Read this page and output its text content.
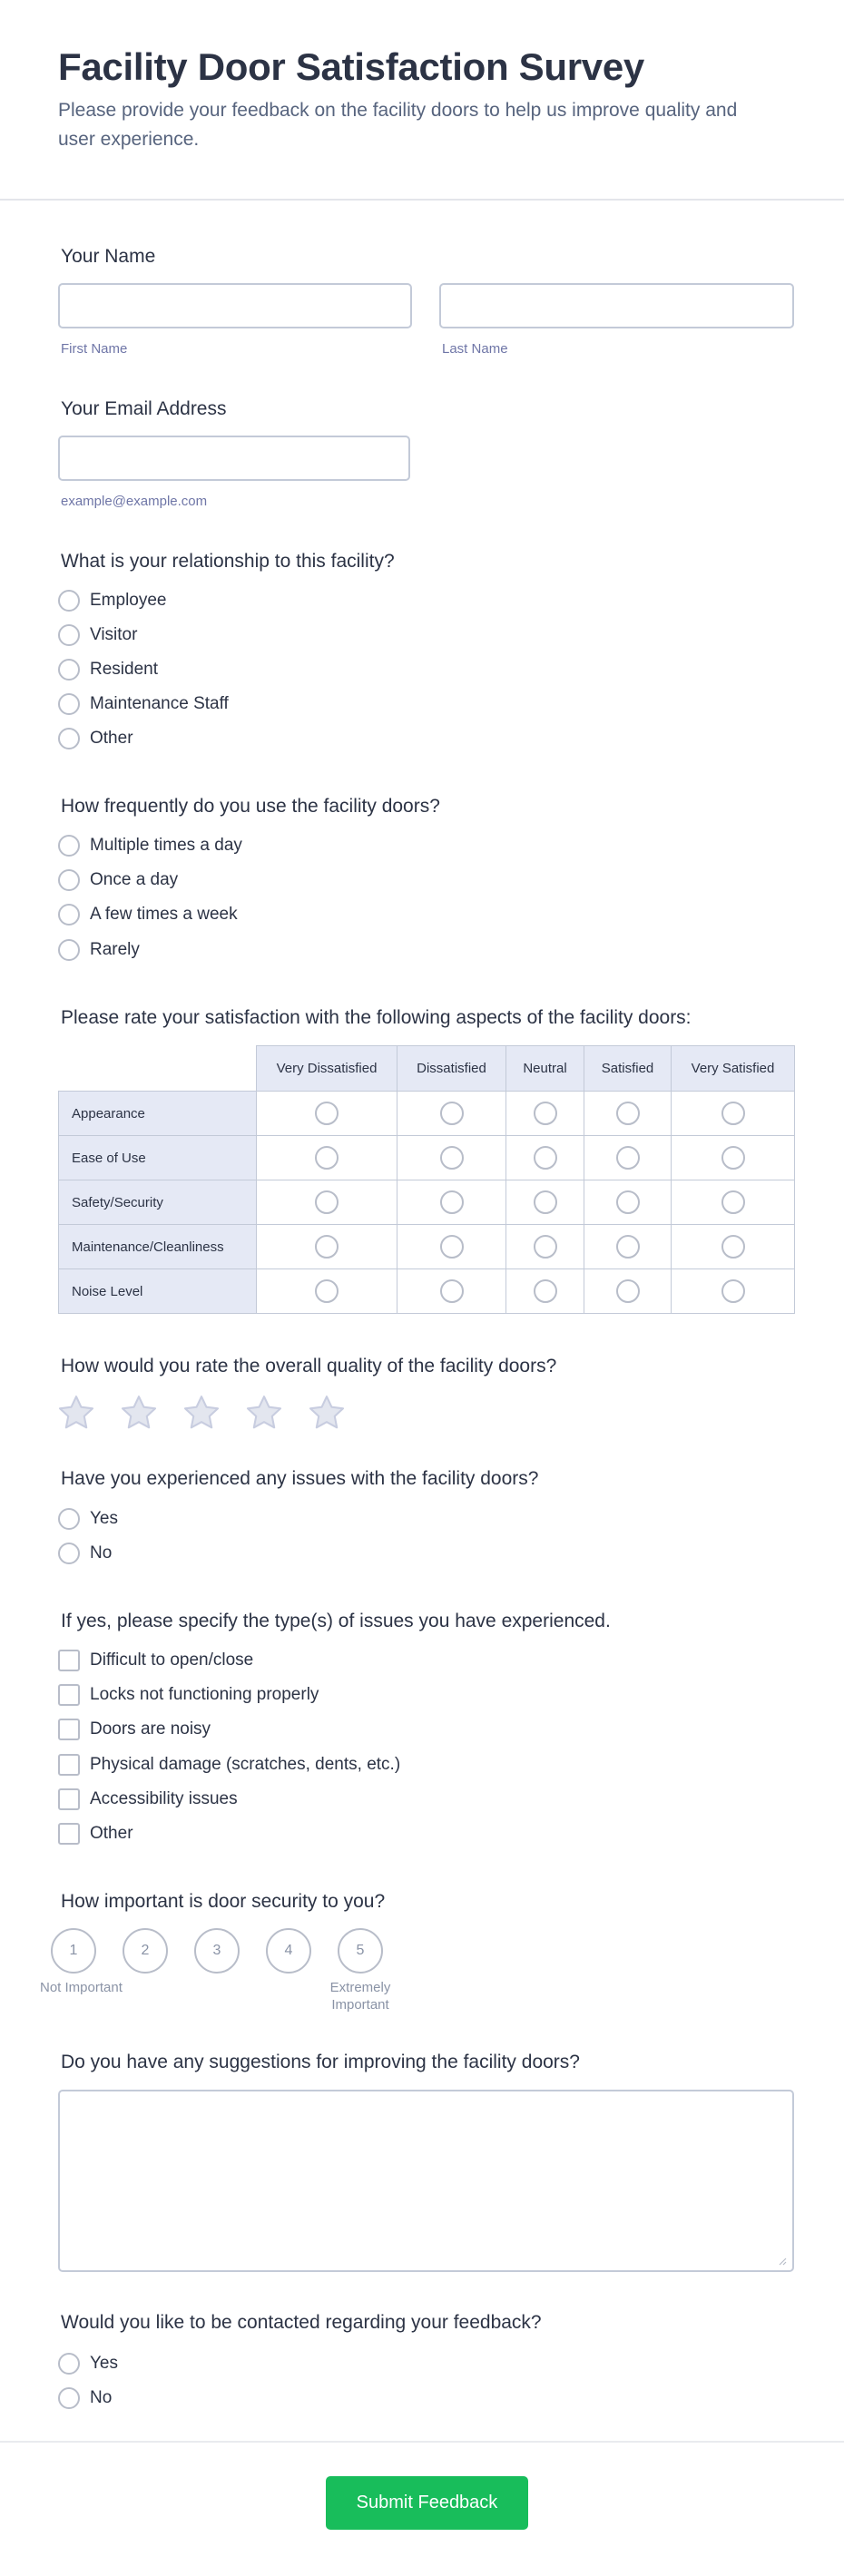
Facility Door Satisfaction Survey

Please provide your feedback on the facility doors to help us improve quality and user experience.

Your Name
First Name	Last Name
Your Email Address
example@example.com
What is your relationship to this facility?
Employee
Visitor
Resident
Maintenance Staff
Other
How frequently do you use the facility doors?
Multiple times a day
Once a day
A few times a week
Rarely
Please rate your satisfaction with the following aspects of the facility doors:
	Very Dissatisfied	Dissatisfied	Neutral	Satisfied	Very Satisfied
Appearance					
Ease of Use					
Safety/Security					
Maintenance/Cleanliness					
Noise Level					
How would you rate the overall quality of the facility doors?
Have you experienced any issues with the facility doors?
Yes
No
If yes, please specify the type(s) of issues you have experienced.
Difficult to open/close
Locks not functioning properly
Doors are noisy
Physical damage (scratches, dents, etc.)
Accessibility issues
Other
How important is door security to you?
1	2	3	4	5
Not Important	Extremely Important
Do you have any suggestions for improving the facility doors?
Would you like to be contacted regarding your feedback?
Yes
No
Submit Feedback
